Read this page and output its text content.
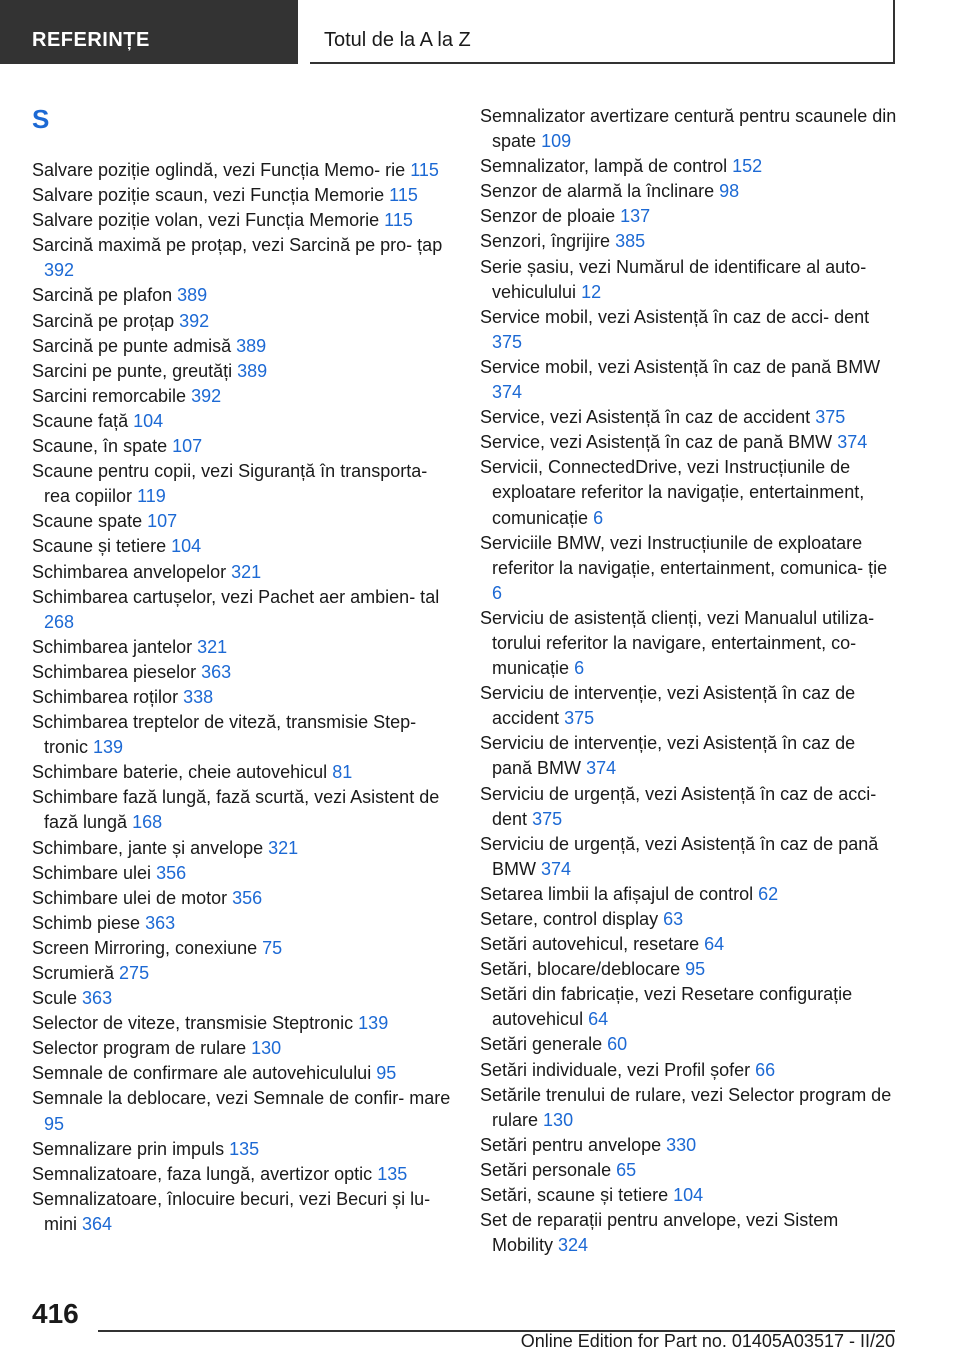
REFERINȚE	Totul de la A la Z
S
Salvare poziție oglindă, vezi Funcția Memo‐ rie 115
Salvare poziție scaun, vezi Funcția Memorie 115
Salvare poziție volan, vezi Funcția Memorie 115
Sarcină maximă pe proțap, vezi Sarcină pe pro‐ țap 392
Sarcină pe plafon 389
Sarcină pe proțap 392
Sarcină pe punte admisă 389
Sarcini pe punte, greutăți 389
Sarcini remorcabile 392
Scaune față 104
Scaune, în spate 107
Scaune pentru copii, vezi Siguranță în transporta‐ rea copiilor 119
Scaune spate 107
Scaune și tetiere 104
Schimbarea anvelopelor 321
Schimbarea cartușelor, vezi Pachet aer ambien‐ tal 268
Schimbarea jantelor 321
Schimbarea pieselor 363
Schimbarea roților 338
Schimbarea treptelor de viteză, transmisie Step‐ tronic 139
Schimbare baterie, cheie autovehicul 81
Schimbare fază lungă, fază scurtă, vezi Asistent de fază lungă 168
Schimbare, jante și anvelope 321
Schimbare ulei 356
Schimbare ulei de motor 356
Schimb piese 363
Screen Mirroring, conexiune 75
Scrumieră 275
Scule 363
Selector de viteze, transmisie Steptronic 139
Selector program de rulare 130
Semnale de confirmare ale autovehiculului 95
Semnale la deblocare, vezi Semnale de confir‐ mare 95
Semnalizare prin impuls 135
Semnalizatoare, faza lungă, avertizor optic 135
Semnalizatoare, înlocuire becuri, vezi Becuri și lu‐ mini 364
Semnalizator avertizare centură pentru scaunele din spate 109
Semnalizator, lampă de control 152
Senzor de alarmă la înclinare 98
Senzor de ploaie 137
Senzori, îngrijire 385
Serie șasiu, vezi Numărul de identificare al auto‐ vehiculului 12
Service mobil, vezi Asistență în caz de acci‐ dent 375
Service mobil, vezi Asistență în caz de pană BMW 374
Service, vezi Asistență în caz de accident 375
Service, vezi Asistență în caz de pană BMW 374
Servicii, ConnectedDrive, vezi Instrucțiunile de exploatare referitor la navigație, entertainment, comunicație 6
Serviciile BMW, vezi Instrucțiunile de exploatare referitor la navigație, entertainment, comunica‐ ție 6
Serviciu de asistență clienți, vezi Manualul utiliza‐ torului referitor la navigare, entertainment, co‐ municație 6
Serviciu de intervenție, vezi Asistență în caz de accident 375
Serviciu de intervenție, vezi Asistență în caz de pană BMW 374
Serviciu de urgență, vezi Asistență în caz de acci‐ dent 375
Serviciu de urgență, vezi Asistență în caz de pană BMW 374
Setarea limbii la afișajul de control 62
Setare, control display 63
Setări autovehicul, resetare 64
Setări, blocare/deblocare 95
Setări din fabricație, vezi Resetare configurație autovehicul 64
Setări generale 60
Setări individuale, vezi Profil șofer 66
Setările trenului de rulare, vezi Selector program de rulare 130
Setări pentru anvelope 330
Setări personale 65
Setări, scaune și tetiere 104
Set de reparații pentru anvelope, vezi Sistem Mobility 324
416
Online Edition for Part no. 01405A03517 - II/20
